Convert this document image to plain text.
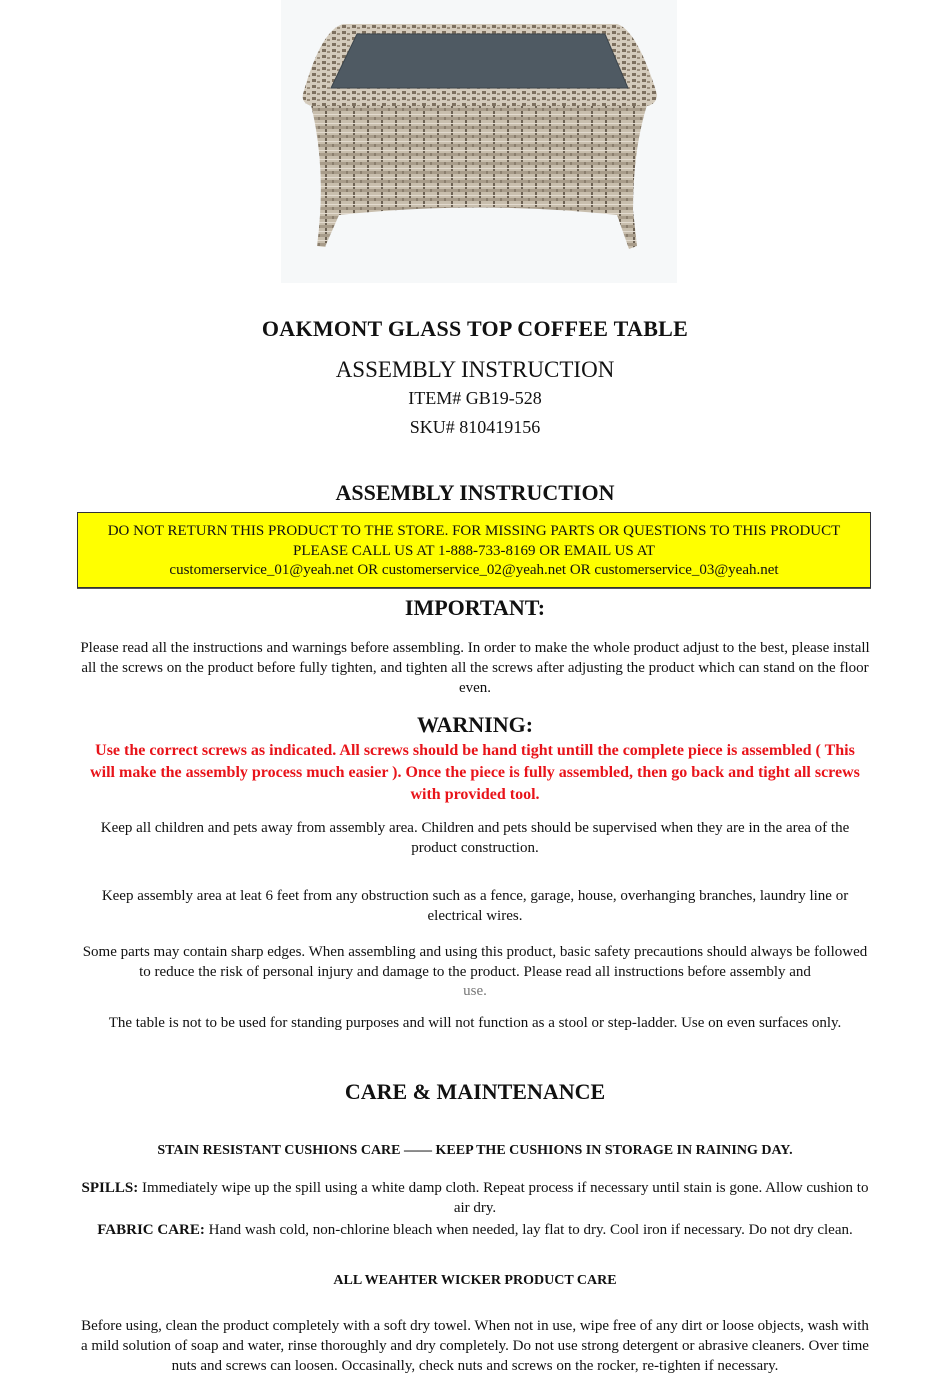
OAKMONT GLASS TOP COFFEE TABLE
ASSEMBLY INSTRUCTION
ITEM# GB19-528
SKU# 810419156
ASSEMBLY INSTRUCTION
DO NOT RETURN THIS PRODUCT TO THE STORE. FOR MISSING PARTS OR QUESTIONS TO THIS PRODUCT
PLEASE CALL US AT 1-888-733-8169 OR EMAIL US AT
customerservice_01@yeah.net OR customerservice_02@yeah.net OR customerservice_03@yeah.net
IMPORTANT:
Please read all the instructions and warnings before assembling. In order to make the whole product adjust to the best, please install all the screws on the product before fully tighten, and tighten all the screws after adjusting the product which can stand on the floor even.
WARNING:
Use the correct screws as indicated. All screws should be hand tight untill the complete piece is assembled ( This will make the assembly process much easier ). Once the piece is fully assembled, then go back and tight all screws with provided tool.
Keep all children and pets away from assembly area. Children and pets should be supervised when they are in the area of the product construction.
Keep assembly area at leat 6 feet from any obstruction such as a fence, garage, house, overhanging branches, laundry line or electrical wires.
Some parts may contain sharp edges. When assembling and using this product, basic safety precautions should always be followed to reduce the risk of personal injury and damage to the product. Please read all instructions before assembly and
use.
The table is not to be used for standing purposes and will not function as a stool or step-ladder. Use on even surfaces only.
CARE & MAINTENANCE
STAIN RESISTANT CUSHIONS CARE —— KEEP THE CUSHIONS IN STORAGE IN RAINING DAY.
SPILLS: Immediately wipe up the spill using a white damp cloth. Repeat process if necessary until stain is gone. Allow cushion to air dry.
FABRIC CARE: Hand wash cold, non-chlorine bleach when needed, lay flat to dry. Cool iron if necessary. Do not dry clean.
ALL WEAHTER WICKER PRODUCT CARE
Before using, clean the product completely with a soft dry towel. When not in use, wipe free of any dirt or loose objects, wash with a mild solution of soap and water, rinse thoroughly and dry completely. Do not use strong detergent or abrasive cleaners. Over time nuts and screws can loosen. Occasinally, check nuts and screws on the rocker, re-tighten if necessary.
